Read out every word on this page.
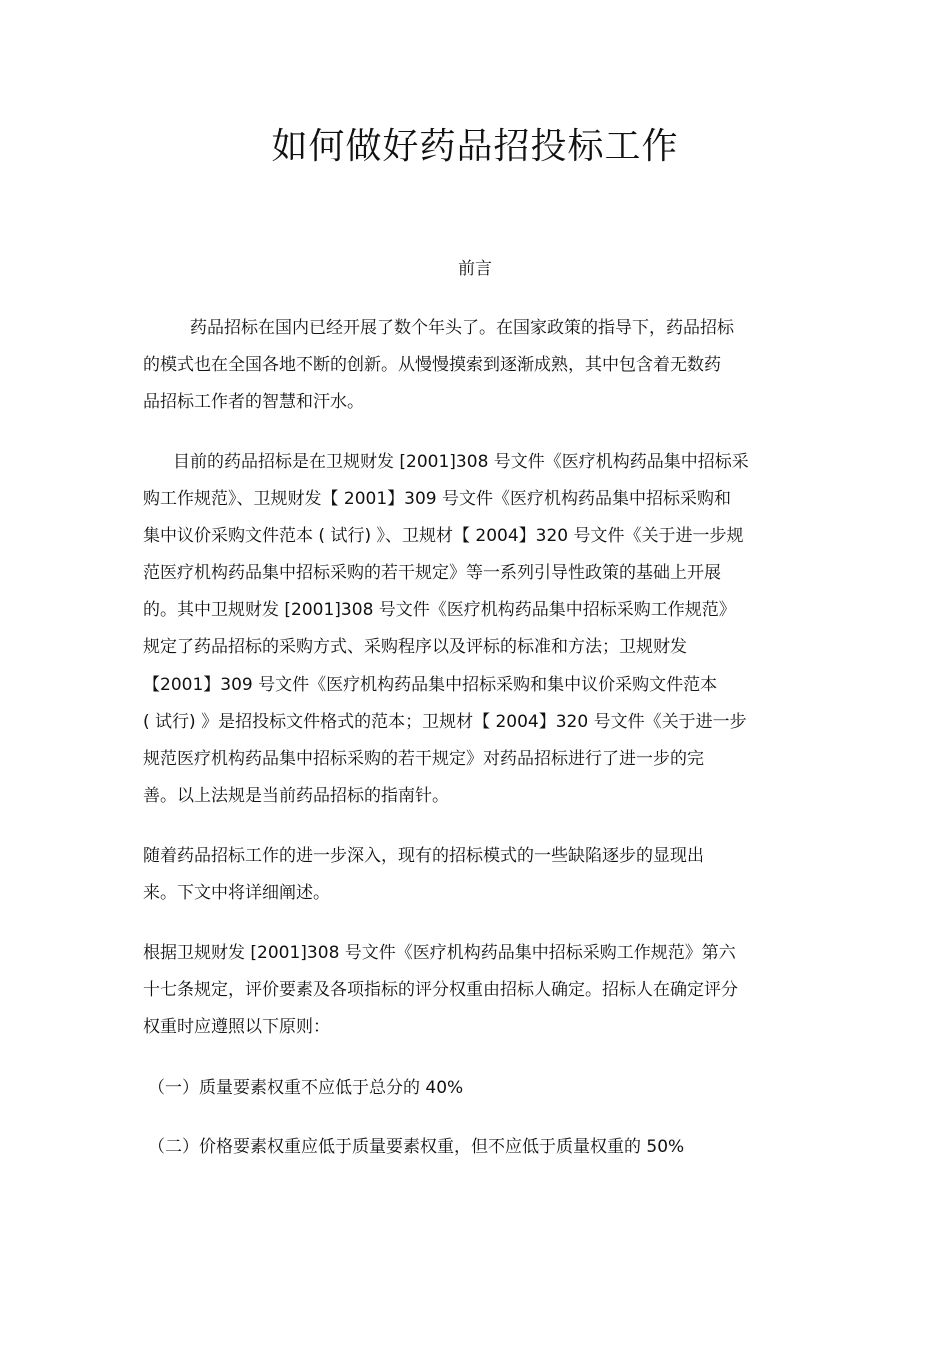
如何做好药品招投标工作
前言
药品招标在国内已经开展了数个年头了。在国家政策的指导下，药品招标
的模式也在全国各地不断的创新。从慢慢摸索到逐渐成熟，其中包含着无数药
品招标工作者的智慧和汗水。
目前的药品招标是在卫规财发 [2001]308 号文件《医疗机构药品集中招标采
购工作规范》、卫规财发【 2001】309 号文件《医疗机构药品集中招标采购和
集中议价采购文件范本 ( 试行) 》、卫规材【 2004】320 号文件《关于进一步规
范医疗机构药品集中招标采购的若干规定》等一系列引导性政策的基础上开展
的。其中卫规财发 [2001]308 号文件《医疗机构药品集中招标采购工作规范》
规定了药品招标的采购方式、采购程序以及评标的标准和方法；卫规财发
【2001】309 号文件《医疗机构药品集中招标采购和集中议价采购文件范本
( 试行) 》是招投标文件格式的范本；卫规材【 2004】320 号文件《关于进一步
规范医疗机构药品集中招标采购的若干规定》对药品招标进行了进一步的完
善。以上法规是当前药品招标的指南针。
随着药品招标工作的进一步深入，现有的招标模式的一些缺陷逐步的显现出
来。下文中将详细阐述。
根据卫规财发 [2001]308 号文件《医疗机构药品集中招标采购工作规范》第六
十七条规定，评价要素及各项指标的评分权重由招标人确定。招标人在确定评分
权重时应遵照以下原则：
（一）质量要素权重不应低于总分的 40%
（二）价格要素权重应低于质量要素权重，但不应低于质量权重的 50%
